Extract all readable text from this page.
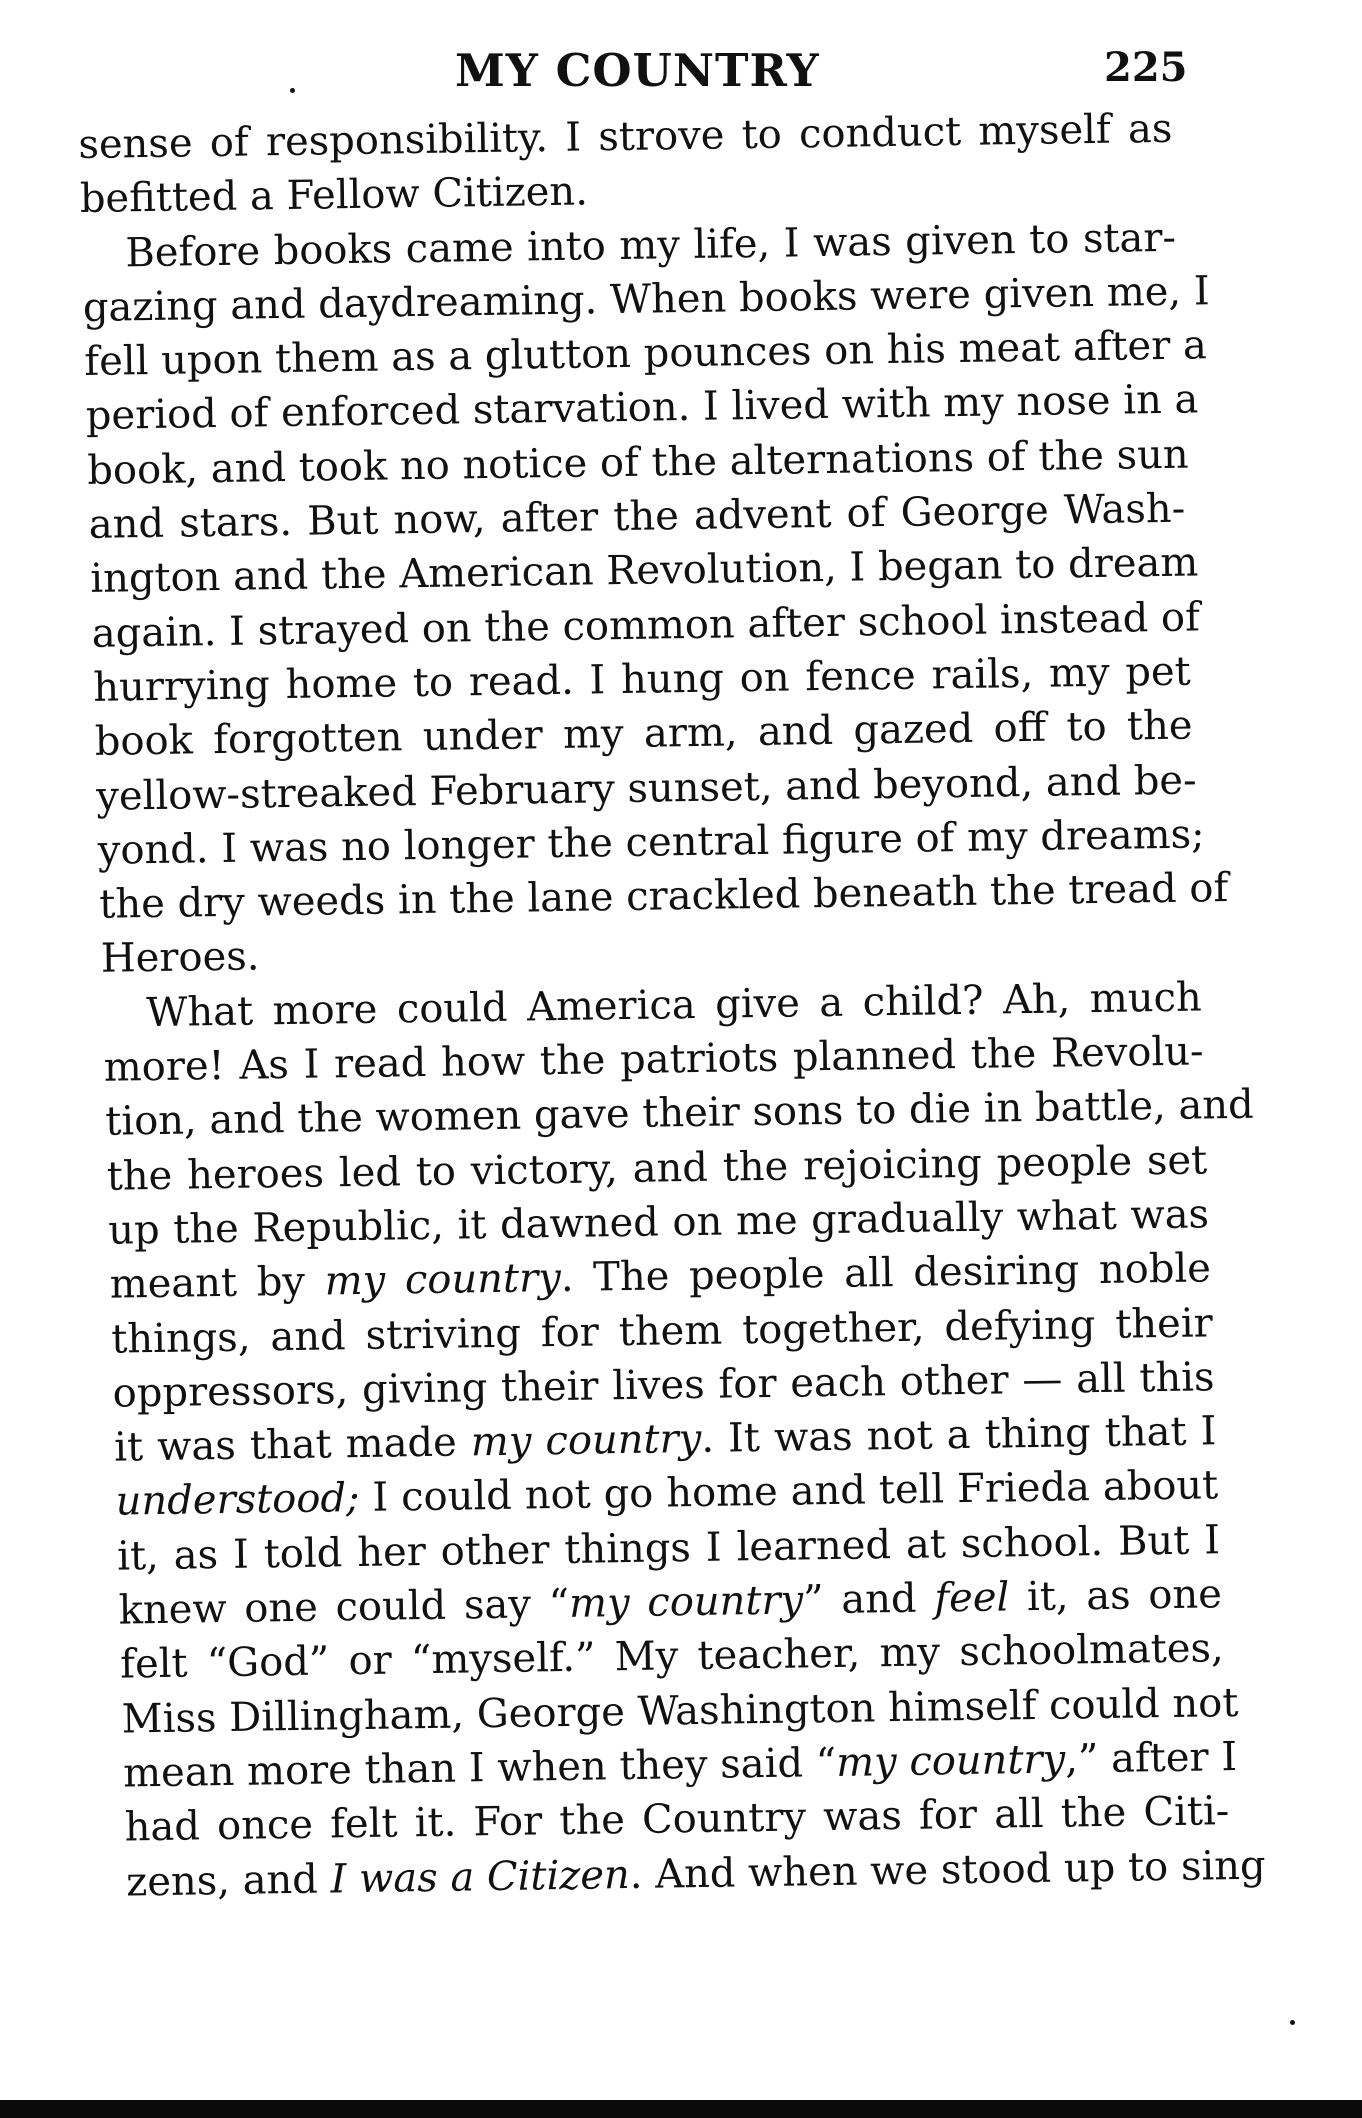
MY COUNTRY	225
sense of responsibility. I strove to conduct myself as
befitted a Fellow Citizen.
Before books came into my life, I was given to star-
gazing and daydreaming. When books were given me, I
fell upon them as a glutton pounces on his meat after a
period of enforced starvation. I lived with my nose in a
book, and took no notice of the alternations of the sun
and stars. But now, after the advent of George Wash-
ington and the American Revolution, I began to dream
again. I strayed on the common after school instead of
hurrying home to read. I hung on fence rails, my pet
book forgotten under my arm, and gazed off to the
yellow-streaked February sunset, and beyond, and be-
yond. I was no longer the central figure of my dreams;
the dry weeds in the lane crackled beneath the tread of
Heroes.
What more could America give a child? Ah, much
more! As I read how the patriots planned the Revolu-
tion, and the women gave their sons to die in battle, and
the heroes led to victory, and the rejoicing people set
up the Republic, it dawned on me gradually what was
meant by my country. The people all desiring noble
things, and striving for them together, defying their
oppressors, giving their lives for each other — all this
it was that made my country. It was not a thing that I
understood; I could not go home and tell Frieda about
it, as I told her other things I learned at school. But I
knew one could say “my country” and feel it, as one
felt “God” or “myself.” My teacher, my schoolmates,
Miss Dillingham, George Washington himself could not
mean more than I when they said “my country,” after I
had once felt it. For the Country was for all the Citi-
zens, and I was a Citizen. And when we stood up to sing
